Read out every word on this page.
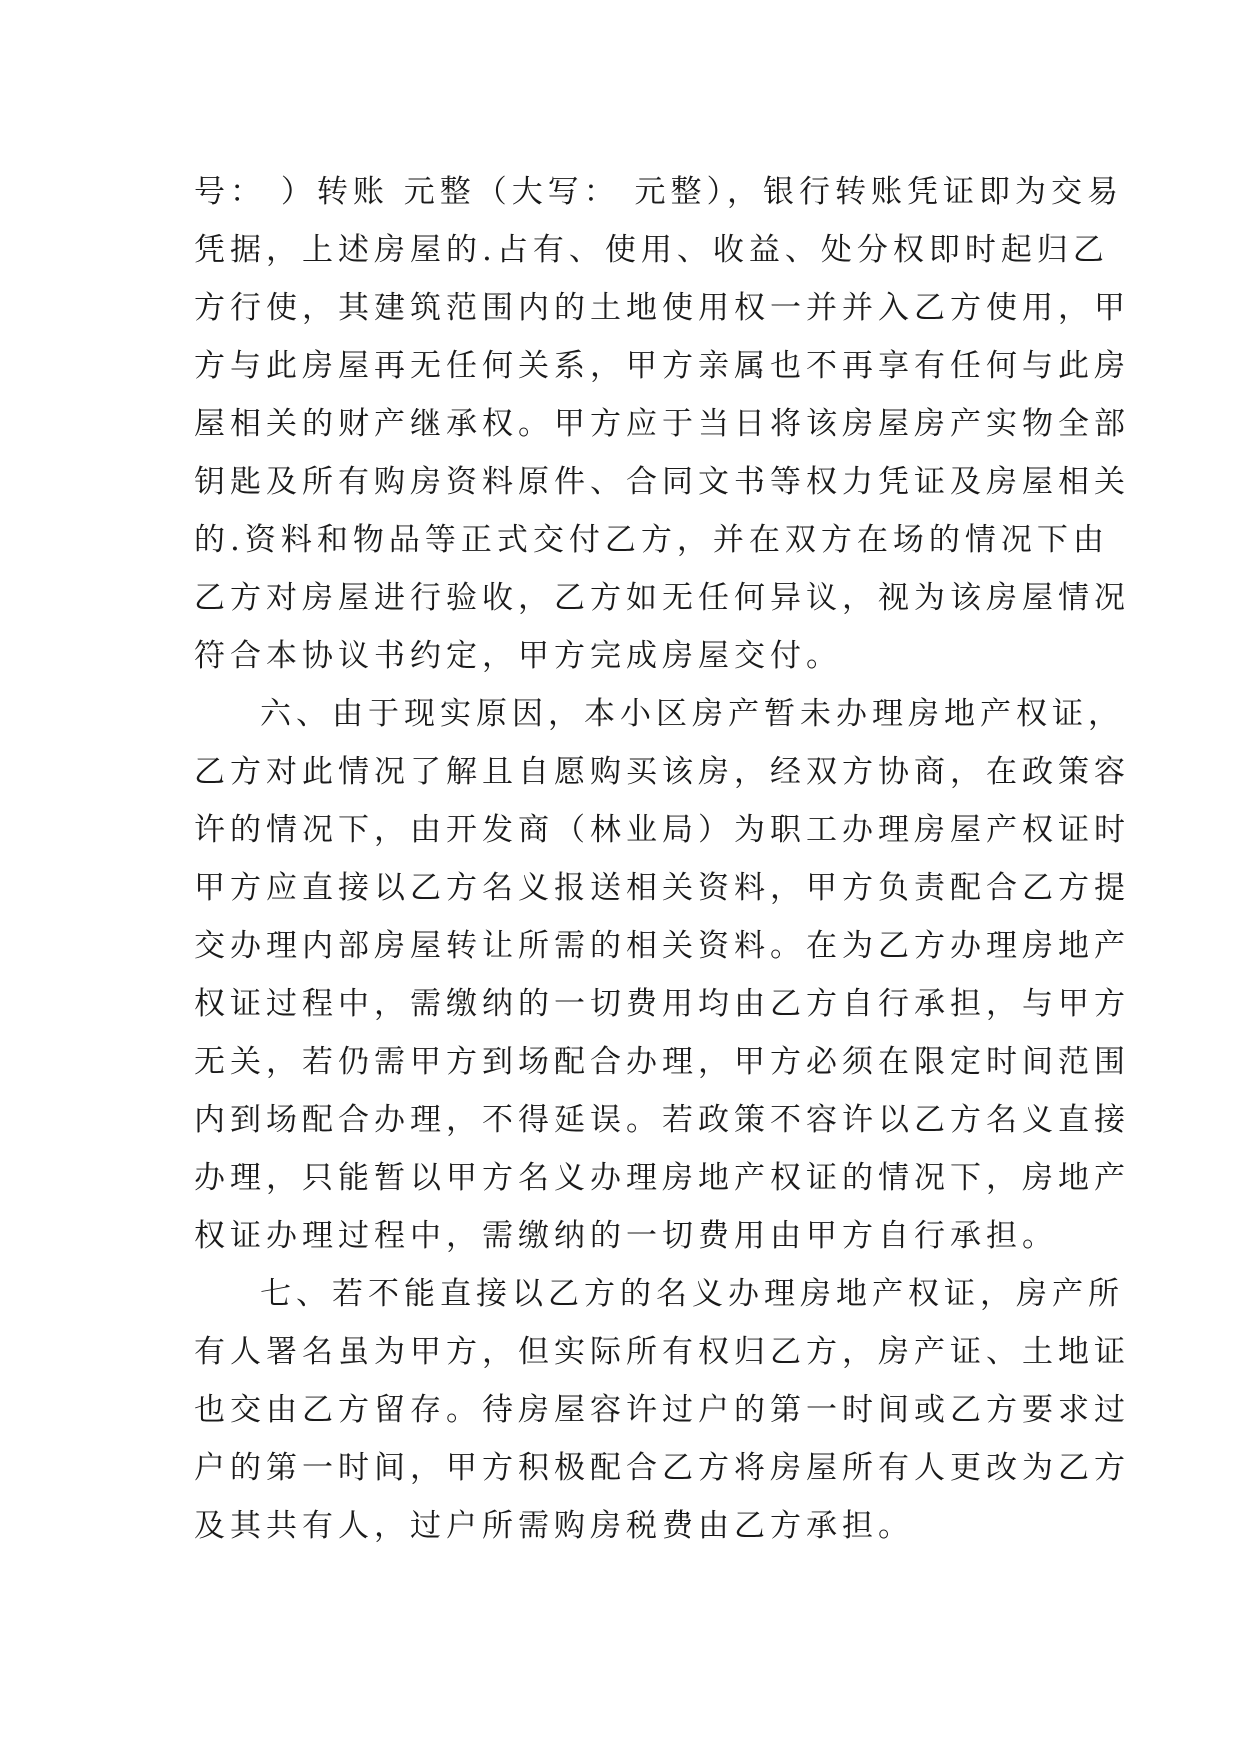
号： ）转账 元整（大写： 元整），银行转账凭证即为交易
凭据，上述房屋的.占有、使用、收益、处分权即时起归乙
方行使，其建筑范围内的土地使用权一并并入乙方使用，甲
方与此房屋再无任何关系，甲方亲属也不再享有任何与此房
屋相关的财产继承权。甲方应于当日将该房屋房产实物全部
钥匙及所有购房资料原件、合同文书等权力凭证及房屋相关
的.资料和物品等正式交付乙方，并在双方在场的情况下由
乙方对房屋进行验收，乙方如无任何异议，视为该房屋情况
符合本协议书约定，甲方完成房屋交付。
六、由于现实原因，本小区房产暂未办理房地产权证，
乙方对此情况了解且自愿购买该房，经双方协商，在政策容
许的情况下，由开发商（林业局）为职工办理房屋产权证时
甲方应直接以乙方名义报送相关资料，甲方负责配合乙方提
交办理内部房屋转让所需的相关资料。在为乙方办理房地产
权证过程中，需缴纳的一切费用均由乙方自行承担，与甲方
无关，若仍需甲方到场配合办理，甲方必须在限定时间范围
内到场配合办理，不得延误。若政策不容许以乙方名义直接
办理，只能暂以甲方名义办理房地产权证的情况下，房地产
权证办理过程中，需缴纳的一切费用由甲方自行承担。
七、若不能直接以乙方的名义办理房地产权证，房产所
有人署名虽为甲方，但实际所有权归乙方，房产证、土地证
也交由乙方留存。待房屋容许过户的第一时间或乙方要求过
户的第一时间，甲方积极配合乙方将房屋所有人更改为乙方
及其共有人，过户所需购房税费由乙方承担。
